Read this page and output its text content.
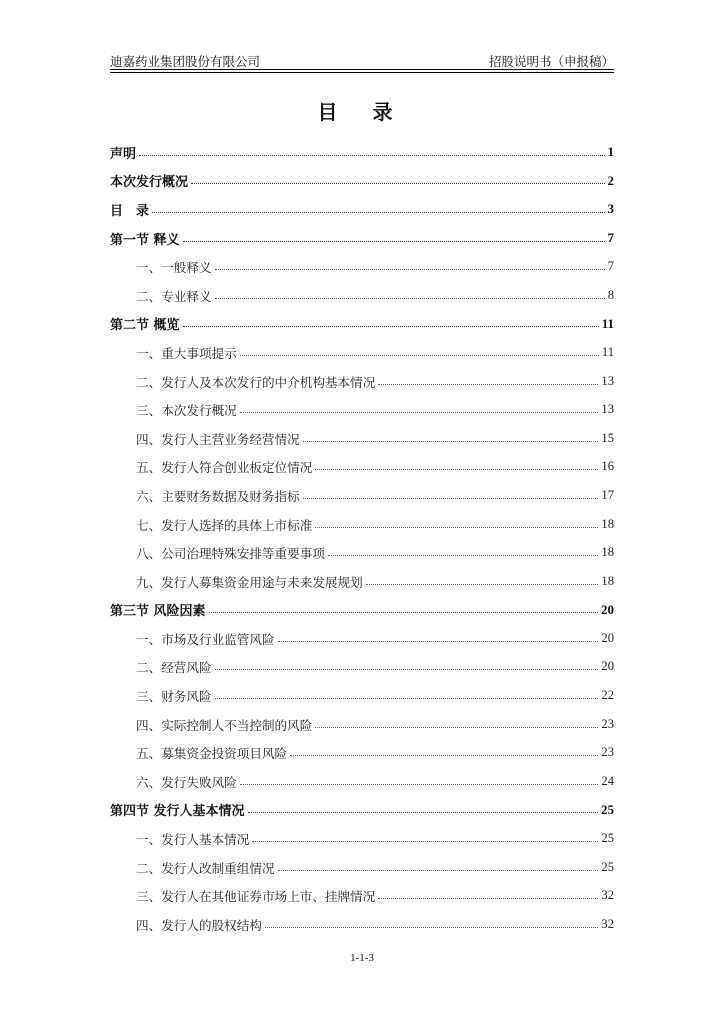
迪嘉药业集团股份有限公司	招股说明书（申报稿）
目 录
声明	1
本次发行概况	2
目　录	3
第一节 释义	7
一、一般释义	7
二、专业释义	8
第二节 概览	11
一、重大事项提示	11
二、发行人及本次发行的中介机构基本情况	13
三、本次发行概况	13
四、发行人主营业务经营情况	15
五、发行人符合创业板定位情况	16
六、主要财务数据及财务指标	17
七、发行人选择的具体上市标准	18
八、公司治理特殊安排等重要事项	18
九、发行人募集资金用途与未来发展规划	18
第三节 风险因素	20
一、市场及行业监管风险	20
二、经营风险	20
三、财务风险	22
四、实际控制人不当控制的风险	23
五、募集资金投资项目风险	23
六、发行失败风险	24
第四节 发行人基本情况	25
一、发行人基本情况	25
二、发行人改制重组情况	25
三、发行人在其他证券市场上市、挂牌情况	32
四、发行人的股权结构	32
1-1-3
